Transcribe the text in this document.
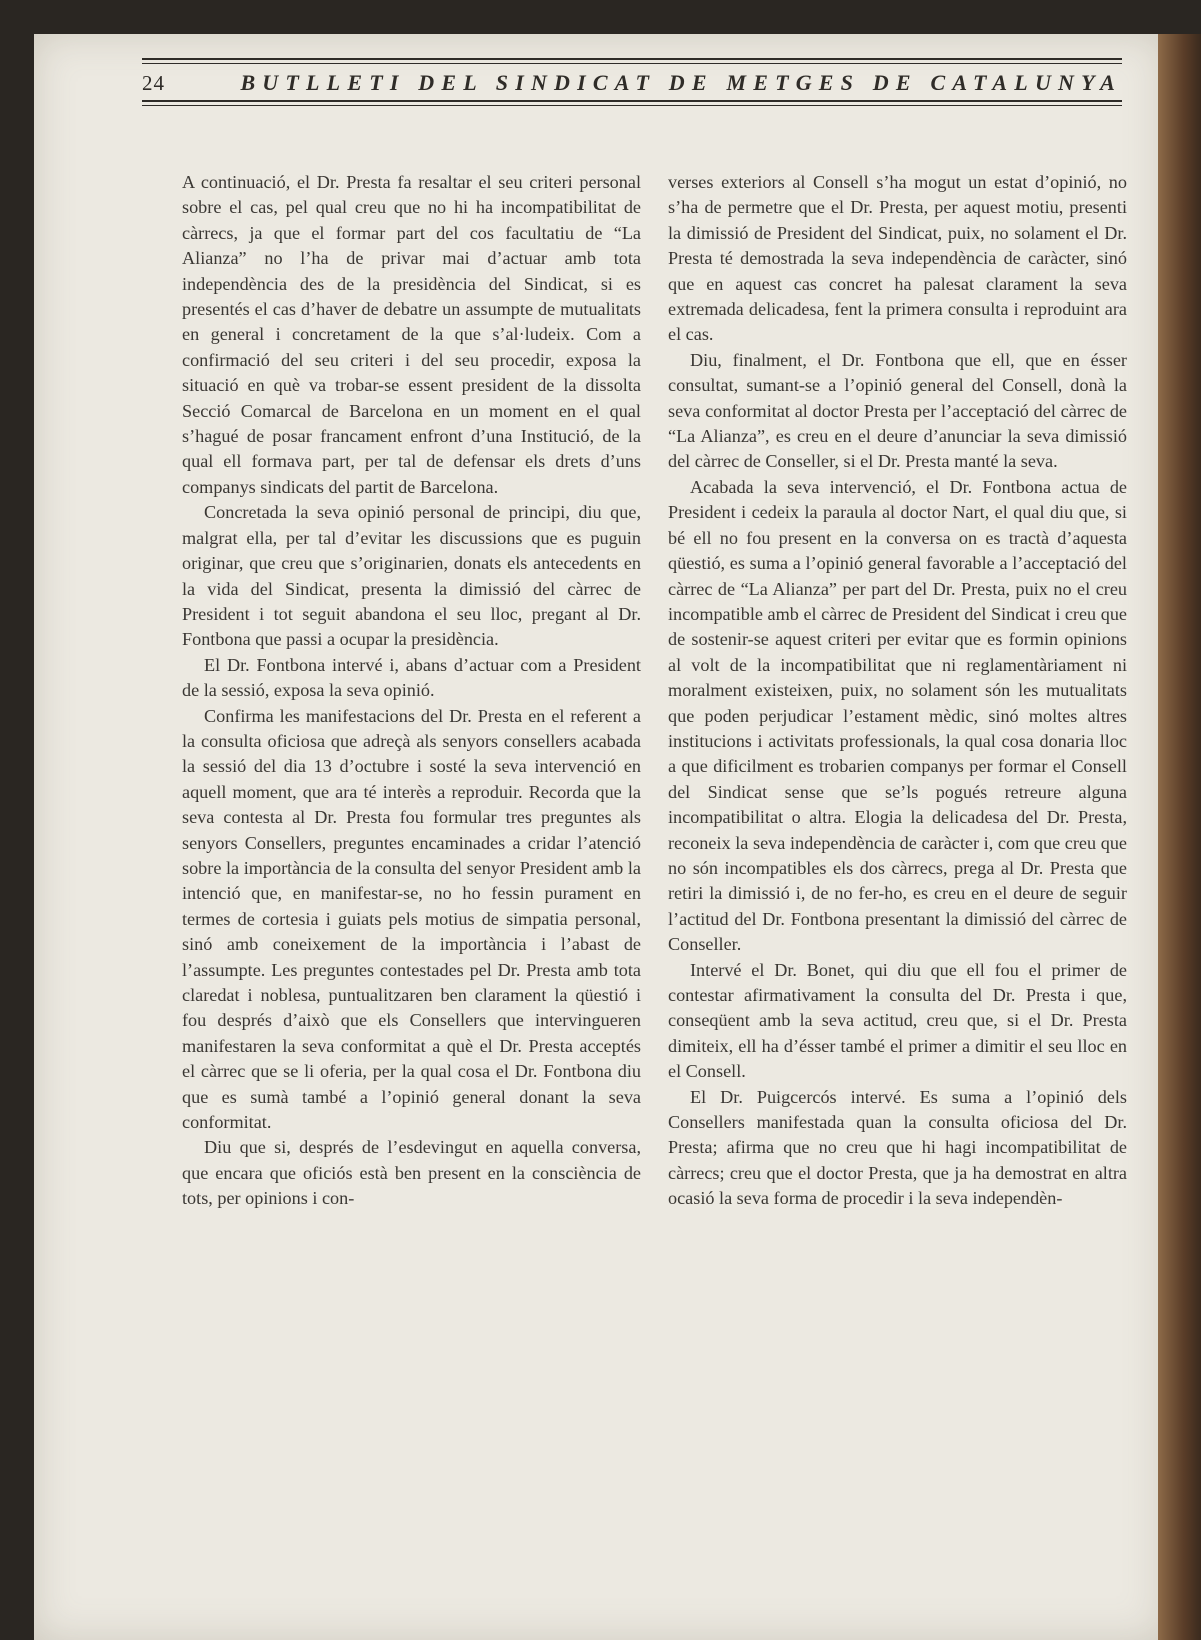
24	BUTLLETI DEL SINDICAT DE METGES DE CATALUNYA

A continuació, el Dr. Presta fa resaltar el seu criteri personal sobre el cas, pel qual creu que no hi ha incompatibilitat de càrrecs, ja que el formar part del cos facultatiu de “La Alianza” no l’ha de privar mai d’actuar amb tota independència des de la presidència del Sindicat, si es presentés el cas d’haver de debatre un assumpte de mutualitats en general i concretament de la que s’al·ludeix. Com a confirmació del seu criteri i del seu procedir, exposa la situació en què va trobar-se essent president de la dissolta Secció Comarcal de Barcelona en un moment en el qual s’hagué de posar francament enfront d’una Institució, de la qual ell formava part, per tal de defensar els drets d’uns companys sindicats del partit de Barcelona.

Concretada la seva opinió personal de principi, diu que, malgrat ella, per tal d’evitar les discussions que es puguin originar, que creu que s’originarien, donats els antecedents en la vida del Sindicat, presenta la dimissió del càrrec de President i tot seguit abandona el seu lloc, pregant al Dr. Fontbona que passi a ocupar la presidència.

El Dr. Fontbona intervé i, abans d’actuar com a President de la sessió, exposa la seva opinió.

Confirma les manifestacions del Dr. Presta en el referent a la consulta oficiosa que adreçà als senyors consellers acabada la sessió del dia 13 d’octubre i sosté la seva intervenció en aquell moment, que ara té interès a reproduir. Recorda que la seva contesta al Dr. Presta fou formular tres preguntes als senyors Consellers, preguntes encaminades a cridar l’atenció sobre la importància de la consulta del senyor President amb la intenció que, en manifestar-se, no ho fessin purament en termes de cortesia i guiats pels motius de simpatia personal, sinó amb coneixement de la importància i l’abast de l’assumpte. Les preguntes contestades pel Dr. Presta amb tota claredat i noblesa, puntualitzaren ben clarament la qüestió i fou després d’això que els Consellers que intervingueren manifestaren la seva conformitat a què el Dr. Presta acceptés el càrrec que se li oferia, per la qual cosa el Dr. Fontbona diu que es sumà també a l’opinió general donant la seva conformitat.

Diu que si, després de l’esdevingut en aquella conversa, que encara que oficiós està ben present en la consciència de tots, per opinions i con-

verses exteriors al Consell s’ha mogut un estat d’opinió, no s’ha de permetre que el Dr. Presta, per aquest motiu, presenti la dimissió de President del Sindicat, puix, no solament el Dr. Presta té demostrada la seva independència de caràcter, sinó que en aquest cas concret ha palesat clarament la seva extremada delicadesa, fent la primera consulta i reproduint ara el cas.

Diu, finalment, el Dr. Fontbona que ell, que en ésser consultat, sumant-se a l’opinió general del Consell, donà la seva conformitat al doctor Presta per l’acceptació del càrrec de “La Alianza”, es creu en el deure d’anunciar la seva dimissió del càrrec de Conseller, si el Dr. Presta manté la seva.

Acabada la seva intervenció, el Dr. Fontbona actua de President i cedeix la paraula al doctor Nart, el qual diu que, si bé ell no fou present en la conversa on es tractà d’aquesta qüestió, es suma a l’opinió general favorable a l’acceptació del càrrec de “La Alianza” per part del Dr. Presta, puix no el creu incompatible amb el càrrec de President del Sindicat i creu que de sostenir-se aquest criteri per evitar que es formin opinions al volt de la incompatibilitat que ni reglamentàriament ni moralment existeixen, puix, no solament són les mutualitats que poden perjudicar l’estament mèdic, sinó moltes altres institucions i activitats professionals, la qual cosa donaria lloc a que dificilment es trobarien companys per formar el Consell del Sindicat sense que se’ls pogués retreure alguna incompatibilitat o altra. Elogia la delicadesa del Dr. Presta, reconeix la seva independència de caràcter i, com que creu que no són incompatibles els dos càrrecs, prega al Dr. Presta que retiri la dimissió i, de no fer-ho, es creu en el deure de seguir l’actitud del Dr. Fontbona presentant la dimissió del càrrec de Conseller.

Intervé el Dr. Bonet, qui diu que ell fou el primer de contestar afirmativament la consulta del Dr. Presta i que, conseqüent amb la seva actitud, creu que, si el Dr. Presta dimiteix, ell ha d’ésser també el primer a dimitir el seu lloc en el Consell.

El Dr. Puigcercós intervé. Es suma a l’opinió dels Consellers manifestada quan la consulta oficiosa del Dr. Presta; afirma que no creu que hi hagi incompatibilitat de càrrecs; creu que el doctor Presta, que ja ha demostrat en altra ocasió la seva forma de procedir i la seva independèn-
